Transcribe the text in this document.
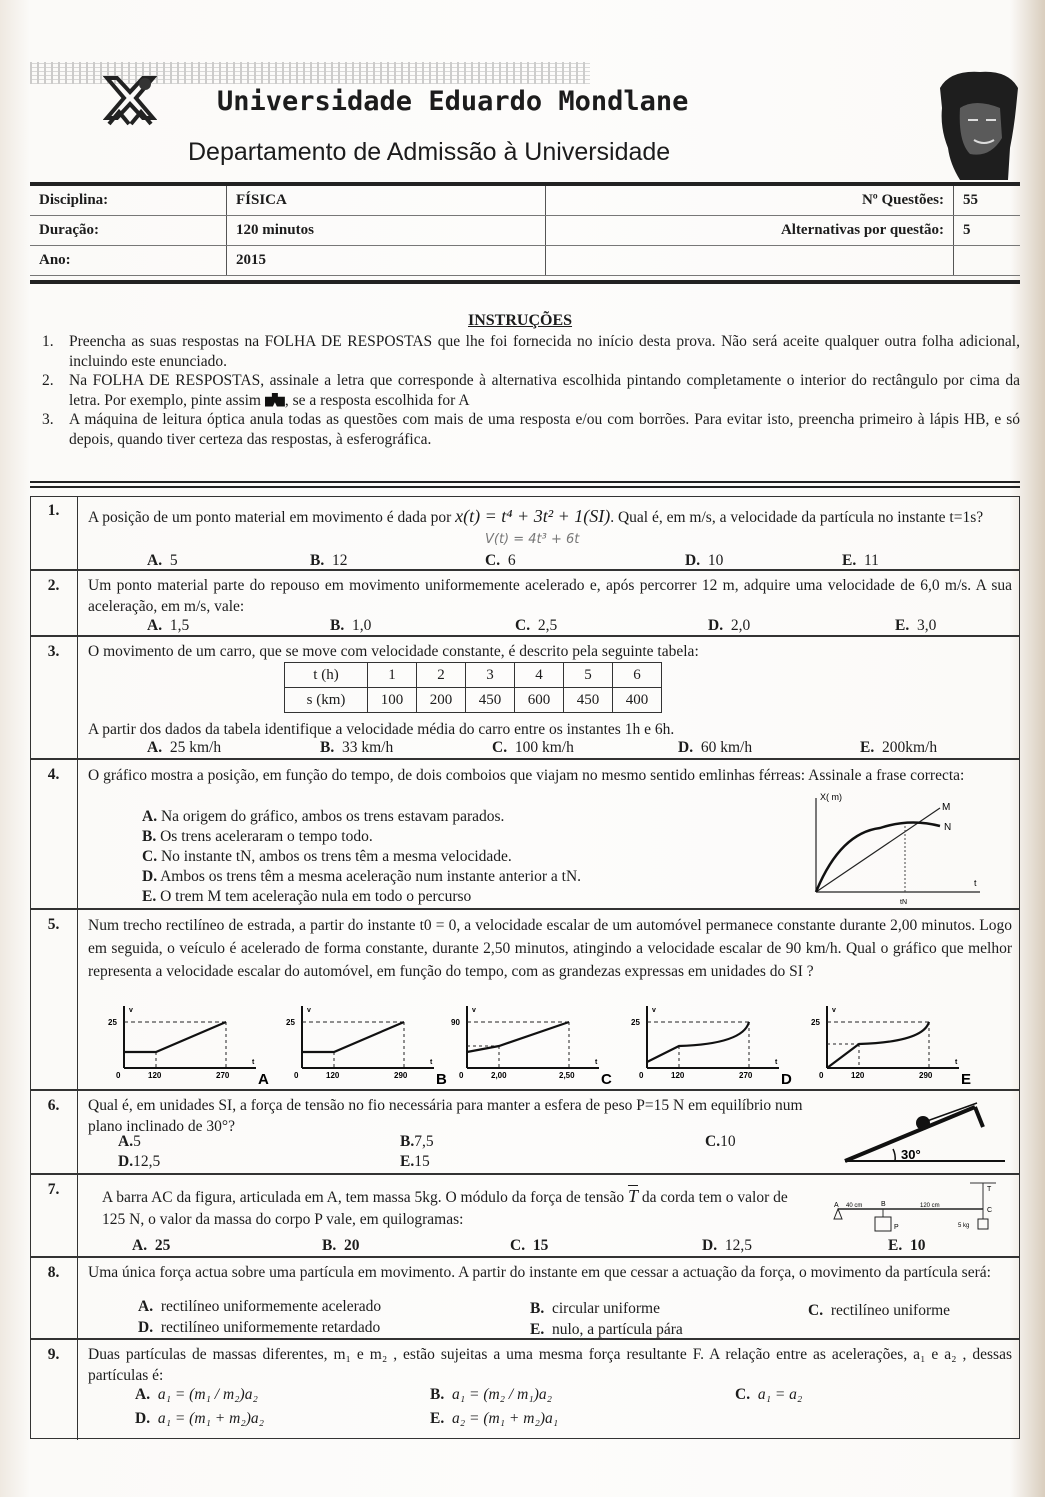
Universidade Eduardo Mondlane
Departamento de Admissão à Universidade
Disciplina:	FÍSICA	Nº Questões:	55
Duração:	120 minutos	Alternativas por questão:	5
Ano:	2015		
INSTRUÇÕES
1. Preencha as suas respostas na FOLHA DE RESPOSTAS que lhe foi fornecida no início desta prova. Não será aceite qualquer outra folha adicional, incluindo este enunciado.
2. Na FOLHA DE RESPOSTAS, assinale a letra que corresponde à alternativa escolhida pintando completamente o interior do rectângulo por cima da letra. Por exemplo, pinte assim , se a resposta escolhida for A
3. A máquina de leitura óptica anula todas as questões com mais de uma resposta e/ou com borrões. Para evitar isto, preencha primeiro à lápis HB, e só depois, quando tiver certeza das respostas, à esferográfica.
1.	A posição de um ponto material em movimento é dada por x(t) = t⁴ + 3t² + 1(SI). Qual é, em m/s, a velocidade da partícula no instante t=1s?
V(t) = 4t³ + 6t
A. 5	B. 12	C. 6	D. 10	E. 11
2.	Um ponto material parte do repouso em movimento uniformemente acelerado e, após percorrer 12 m, adquire uma velocidade de 6,0 m/s. A sua aceleração, em m/s, vale:
A. 1,5	B. 1,0	C. 2,5	D. 2,0	E. 3,0
3.	O movimento de um carro, que se move com velocidade constante, é descrito pela seguinte tabela:
t (h)	1	2	3	4	5	6
s (km)	100	200	450	600	450	400
A partir dos dados da tabela identifique a velocidade média do carro entre os instantes 1h e 6h.
A. 25 km/h	B. 33 km/h	C. 100 km/h	D. 60 km/h	E. 200km/h
4.	O gráfico mostra a posição, em função do tempo, de dois comboios que viajam no mesmo sentido emlinhas férreas: Assinale a frase correcta:
A. Na origem do gráfico, ambos os trens estavam parados.
B. Os trens aceleraram o tempo todo.
C. No instante tN, ambos os trens têm a mesma velocidade.
D. Ambos os trens têm a mesma aceleração num instante anterior a tN.
E. O trem M tem aceleração nula em todo o percurso
X( m)
t
M
N
tN
5.	Num trecho rectilíneo de estrada, a partir do instante t0 = 0, a velocidade escalar de um automóvel permanece constante durante 2,00 minutos. Logo em seguida, o veículo é acelerado de forma constante, durante 2,50 minutos, atingindo a velocidade escalar de 90 km/h. Qual o gráfico que melhor representa a velocidade escalar do automóvel, em função do tempo, com as grandezas expressas em unidades do SI ?
v
t
0
25
120	270 A
v
t
0
25
120	290 B
v
t
0
90
2,00	2,50 C
v
t
0
25
120	270 D
v
t
0
25
120	290 E
6.	Qual é, em unidades SI, a força de tensão no fio necessária para manter a esfera de peso P=15 N em equilíbrio num plano inclinado de 30°?
A.5	B.7,5	C.10
D.12,5	E.15	30°
7.	A barra AC da figura, articulada em A, tem massa 5kg. O módulo da força de tensão $\overline{T}$ da corda tem o valor de 125 N, o valor da massa do corpo P vale, em quilogramas:
A. 25	B. 20	C. 15	D. 12,5	E. 10
A	B
C
T
P
40 cm	120 cm
5 kg
8.	Uma única força actua sobre uma partícula em movimento. A partir do instante em que cessar a actuação da força, o movimento da partícula será:
A. rectilíneo uniformemente acelerado	B. circular uniforme	C. rectilíneo uniforme
D. rectilíneo uniformemente retardado	E. nulo, a partícula pára
9.	Duas partículas de massas diferentes, m₁ e m₂ , estão sujeitas a uma mesma força resultante F. A relação entre as acelerações, a₁ e a₂ , dessas partículas é:
A. a₁ = (m₁ / m₂)a₂	B. a₁ = (m₂ / m₁)a₂	C. a₁ = a₂
D. a₁ = (m₁ + m₂)a₂	E. a₂ = (m₁ + m₂)a₁
